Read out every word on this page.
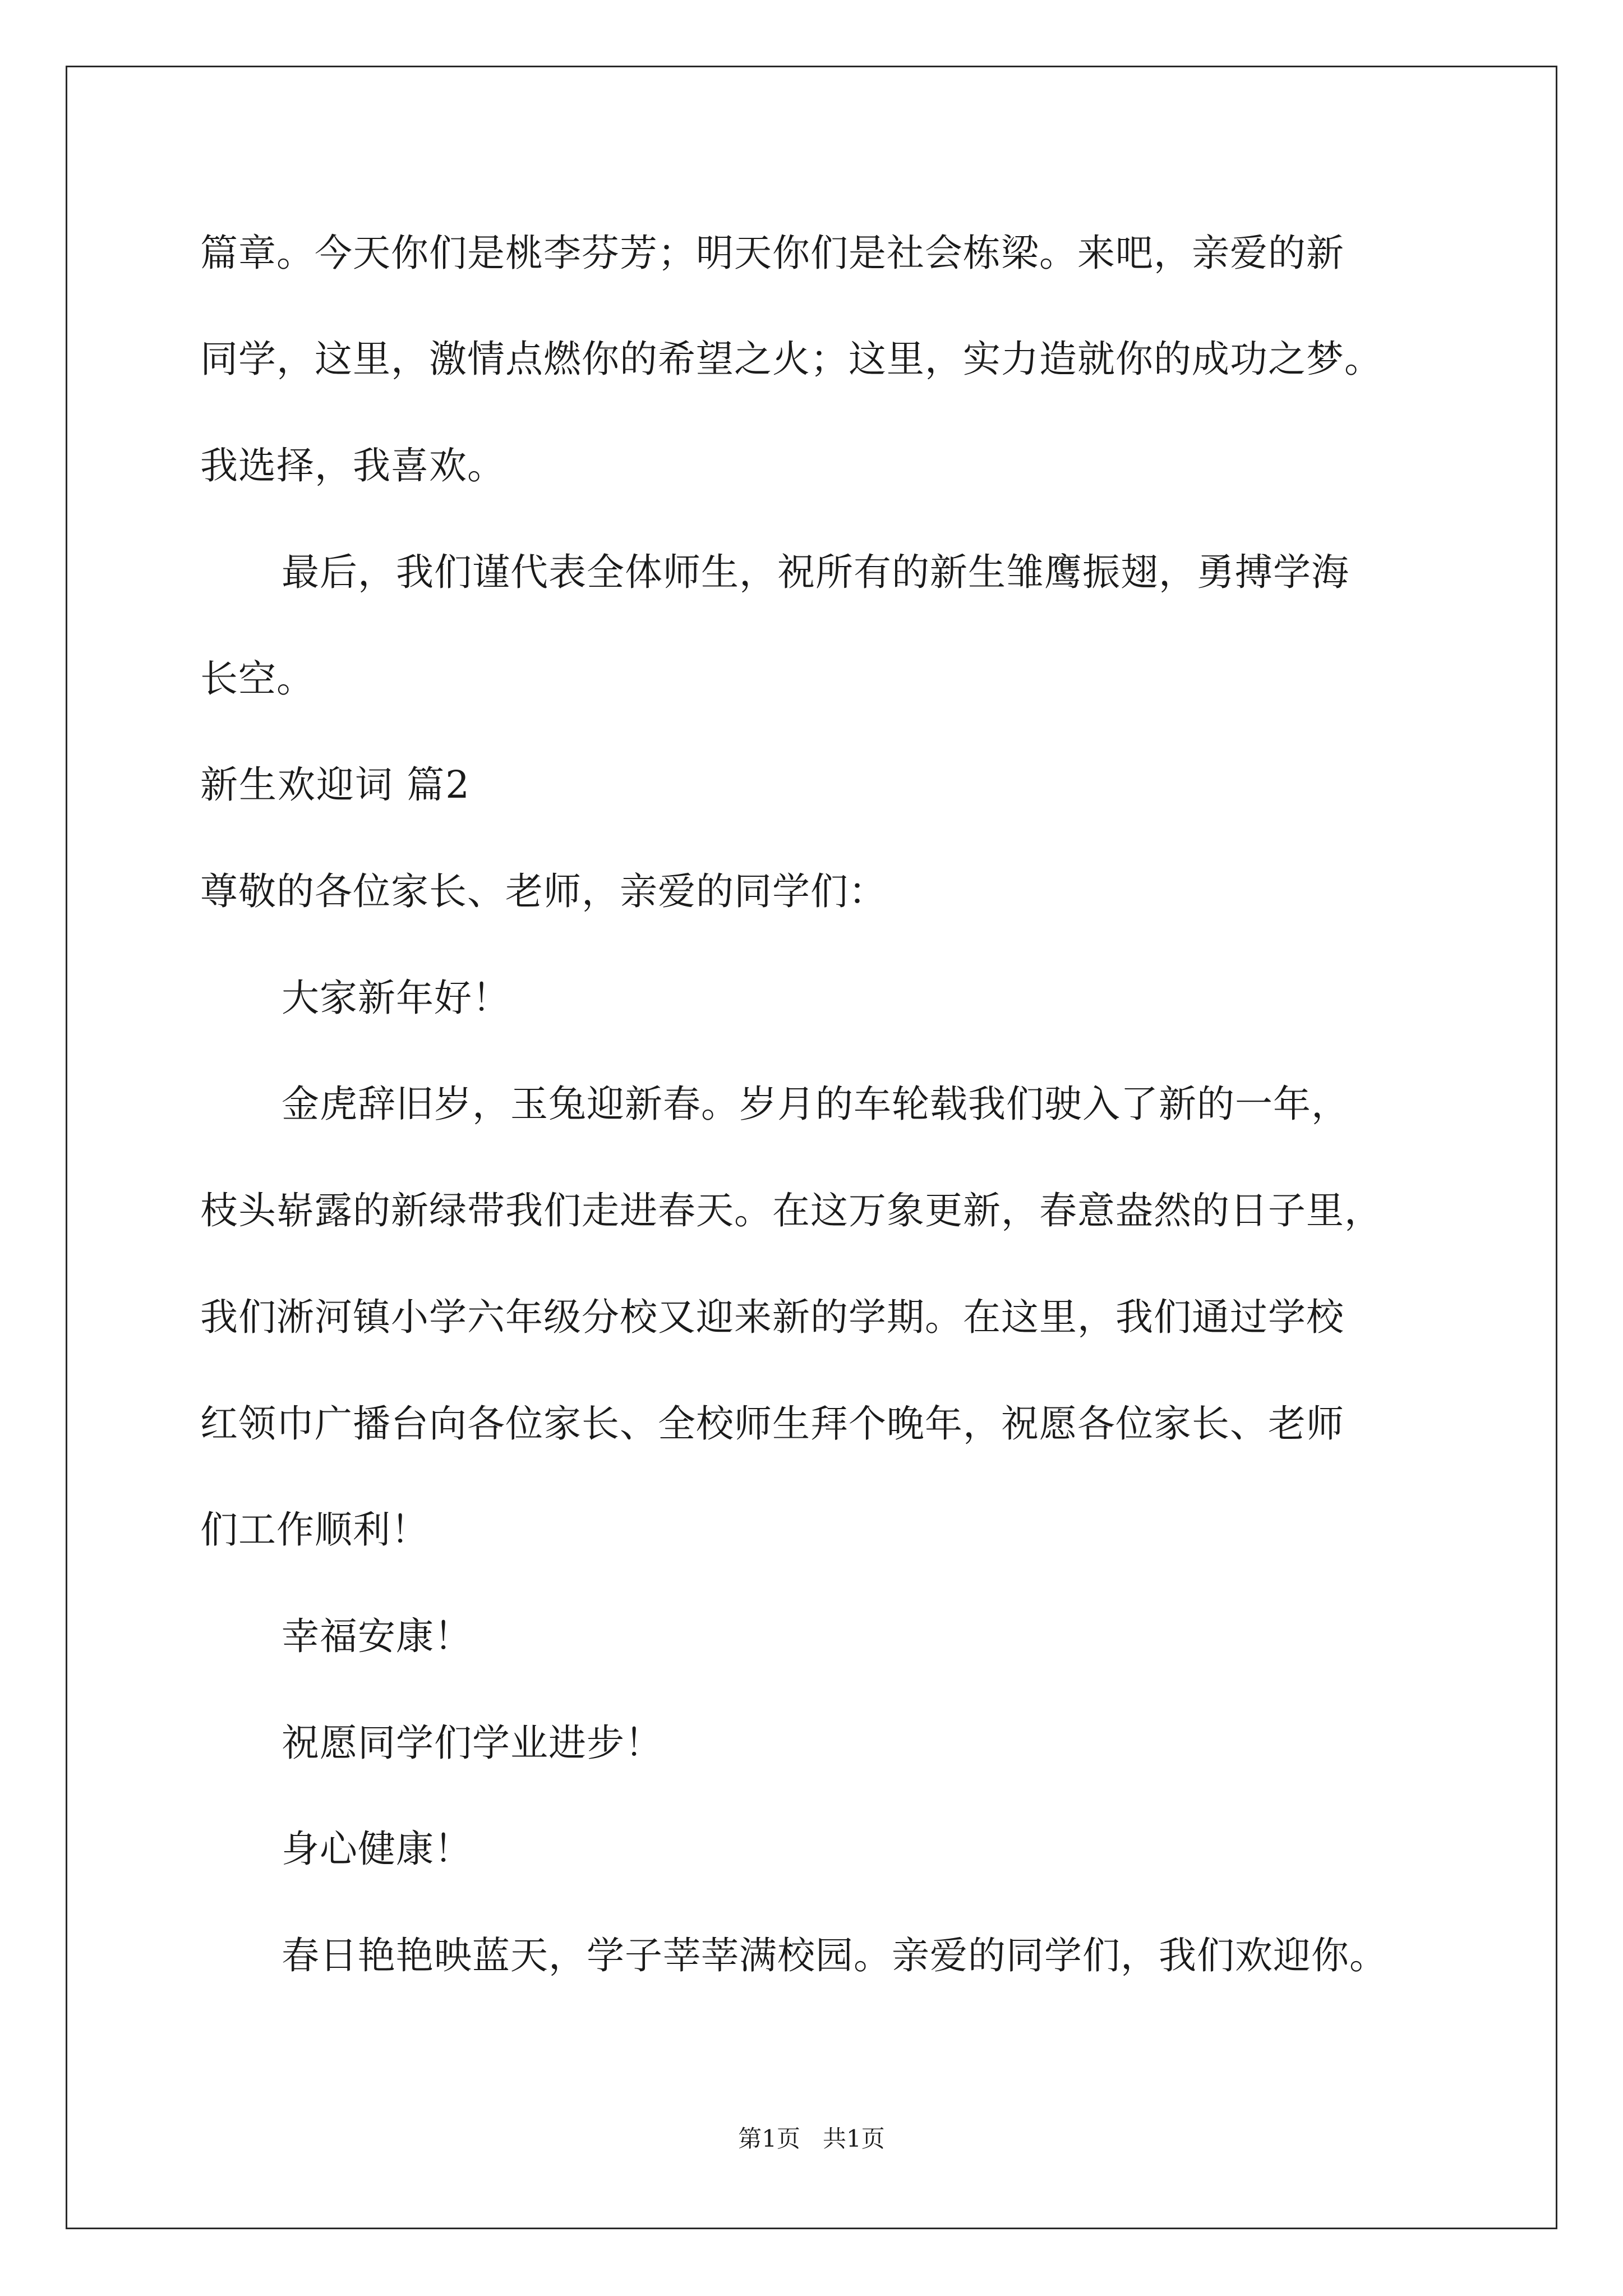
篇章。今天你们是桃李芬芳；明天你们是社会栋梁。来吧，亲爱的新
同学，这里，激情点燃你的希望之火；这里，实力造就你的成功之梦。
我选择，我喜欢。
最后，我们谨代表全体师生，祝所有的新生雏鹰振翅，勇搏学海
长空。
新生欢迎词 篇2
尊敬的各位家长、老师，亲爱的同学们：
大家新年好！
金虎辞旧岁，玉兔迎新春。岁月的车轮载我们驶入了新的一年，
枝头崭露的新绿带我们走进春天。在这万象更新，春意盎然的日子里，
我们淅河镇小学六年级分校又迎来新的学期。在这里，我们通过学校
红领巾广播台向各位家长、全校师生拜个晚年，祝愿各位家长、老师
们工作顺利！
幸福安康！
祝愿同学们学业进步！
身心健康！
春日艳艳映蓝天，学子莘莘满校园。亲爱的同学们，我们欢迎你。
第1页   共1页
